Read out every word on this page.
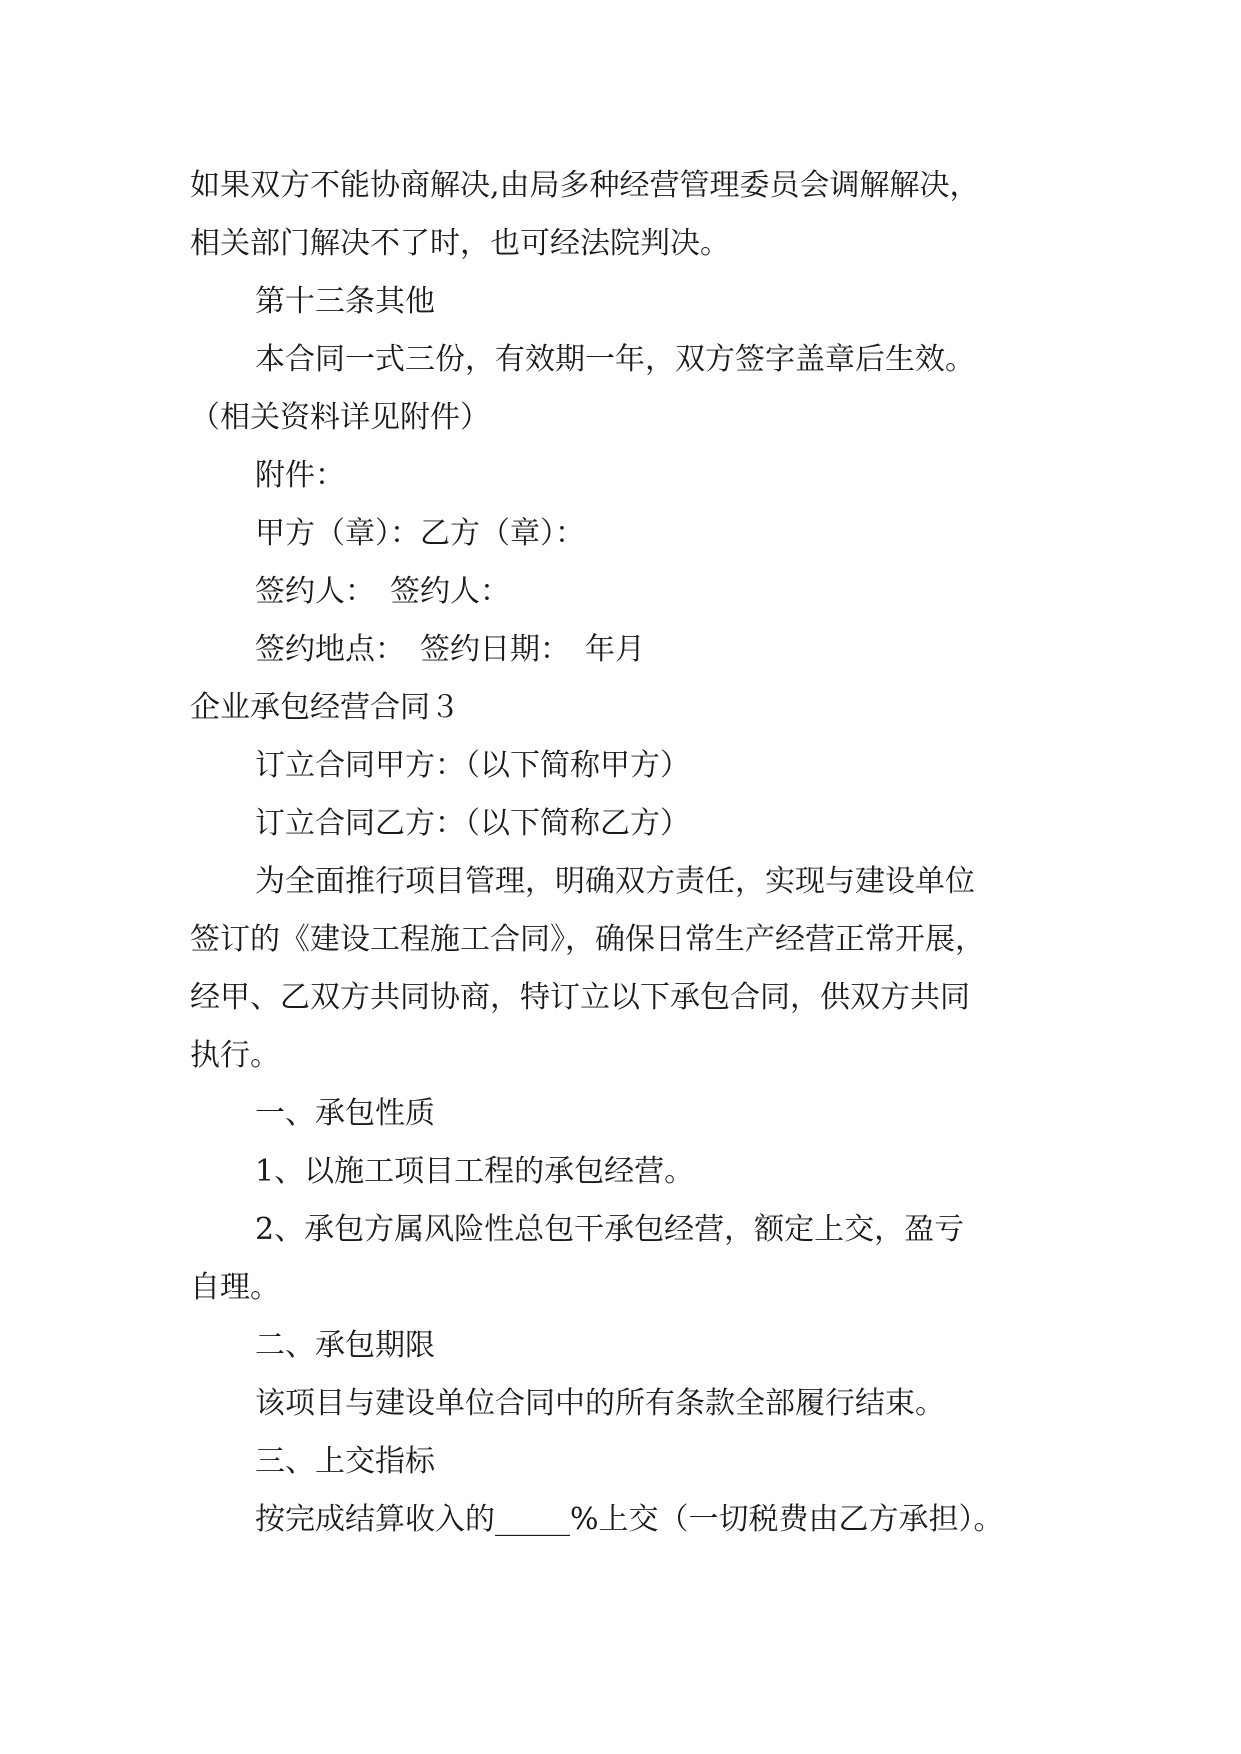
如果双方不能协商解决,由局多种经营管理委员会调解解决，
相关部门解决不了时，也可经法院判决。
第十三条其他
本合同一式三份，有效期一年，双方签字盖章后生效。
（相关资料详见附件）
附件：
甲方（章）：乙方（章）：
签约人：　签约人：
签约地点：　签约日期：　年月
企业承包经营合同３
订立合同甲方：（以下简称甲方）
订立合同乙方：（以下简称乙方）
为全面推行项目管理，明确双方责任，实现与建设单位
签订的《建设工程施工合同》，确保日常生产经营正常开展，
经甲、乙双方共同协商，特订立以下承包合同，供双方共同
执行。
一、承包性质
1、以施工项目工程的承包经营。
2、承包方属风险性总包干承包经营，额定上交，盈亏
自理。
二、承包期限
该项目与建设单位合同中的所有条款全部履行结束。
三、上交指标
按完成结算收入的_____%上交（一切税费由乙方承担）。
